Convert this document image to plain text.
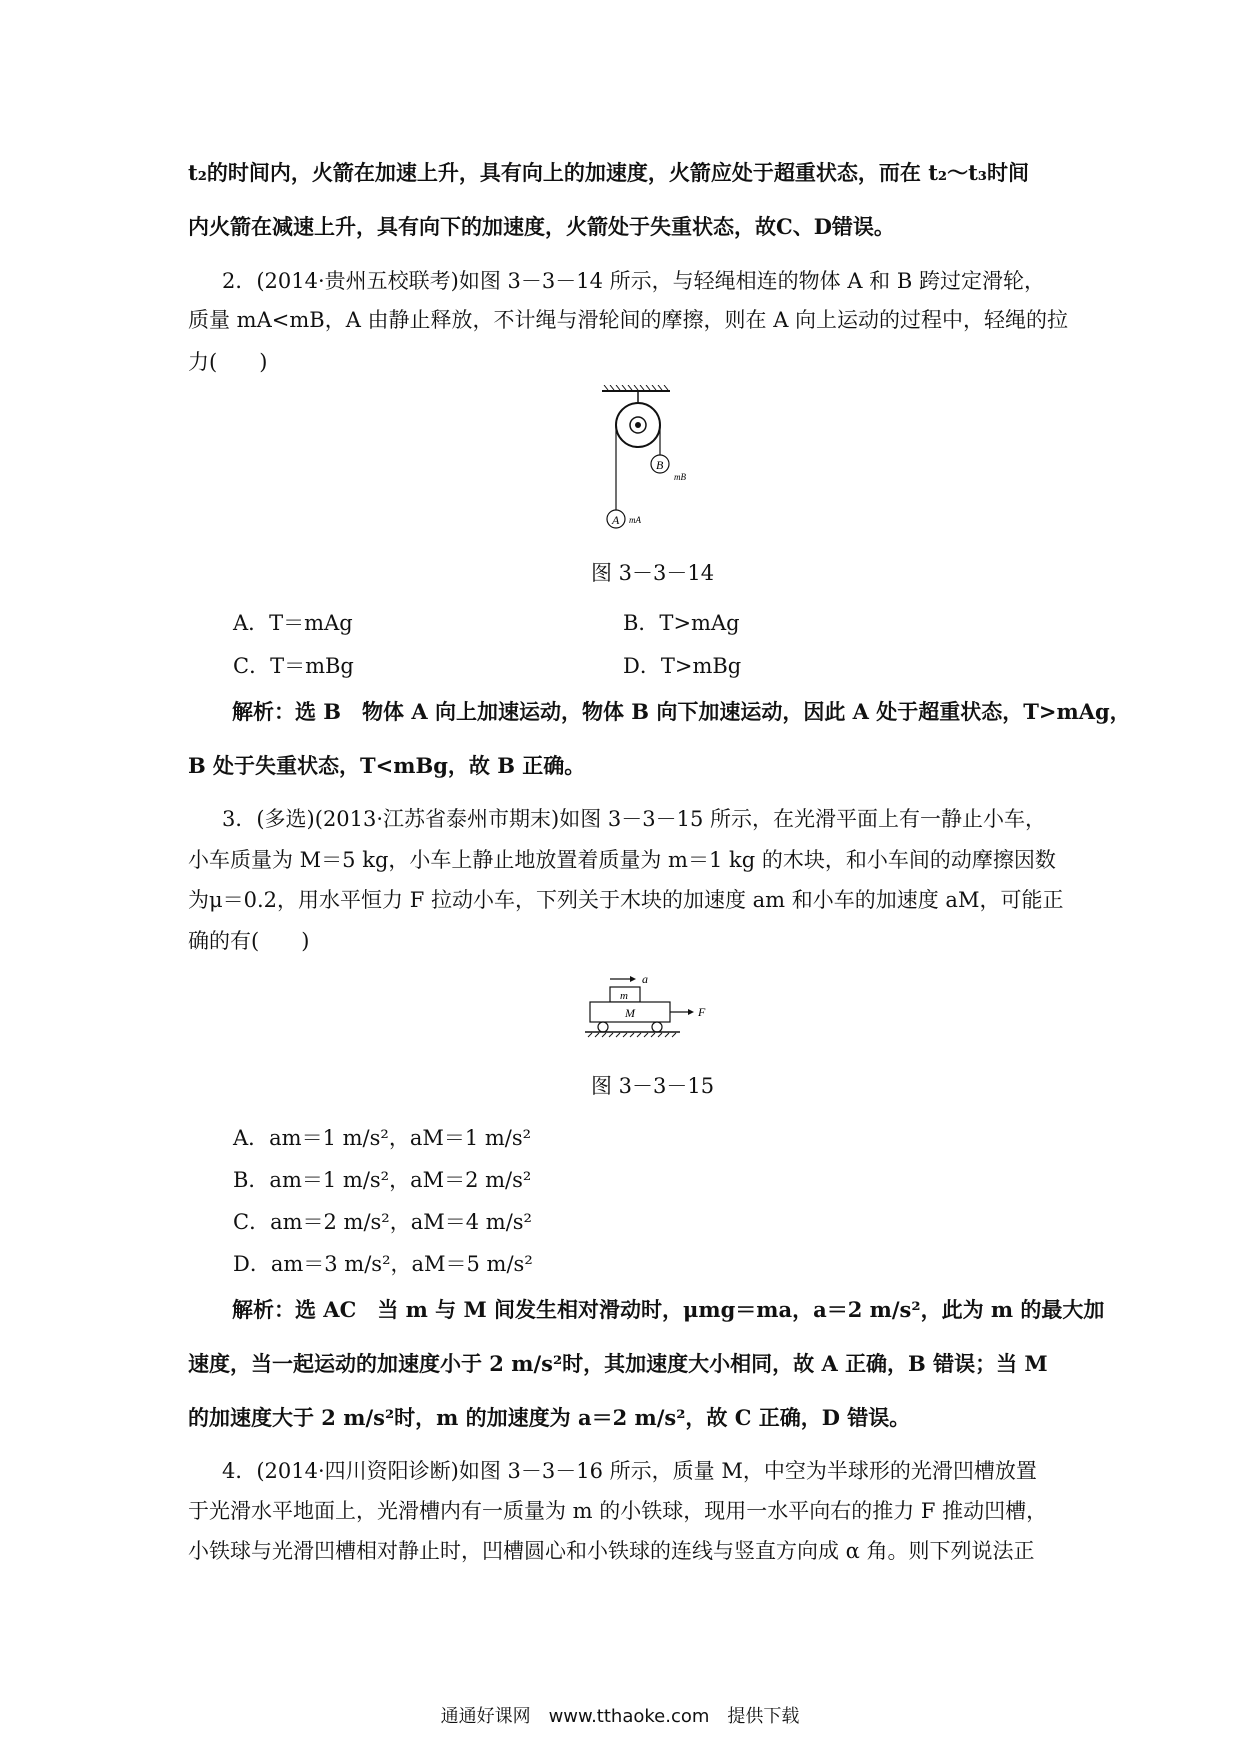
t₂的时间内，火箭在加速上升，具有向上的加速度，火箭应处于超重状态，而在 t₂～t₃时间
内火箭在减速上升，具有向下的加速度，火箭处于失重状态，故C、D错误。
2．(2014·贵州五校联考)如图 3－3－14 所示，与轻绳相连的物体 A 和 B 跨过定滑轮，
质量 mA<mB，A 由静止释放，不计绳与滑轮间的摩擦，则在 A 向上运动的过程中，轻绳的拉
力(　　)
B
mB
A mA
图 3－3－14
A．T＝mAg	B．T>mAg
C．T＝mBg	D．T>mBg
解析：选 B　物体 A 向上加速运动，物体 B 向下加速运动，因此 A 处于超重状态，T>mAg，
B 处于失重状态，T<mBg，故 B 正确。
3．(多选)(2013·江苏省泰州市期末)如图 3－3－15 所示，在光滑平面上有一静止小车，
小车质量为 M＝5 kg，小车上静止地放置着质量为 m＝1 kg 的木块，和小车间的动摩擦因数
为μ＝0.2，用水平恒力 F 拉动小车，下列关于木块的加速度 am 和小车的加速度 aM，可能正
确的有(　　)
a
m
M	F
图 3－3－15
A．am＝1 m/s²，aM＝1 m/s²
B．am＝1 m/s²，aM＝2 m/s²
C．am＝2 m/s²，aM＝4 m/s²
D．am＝3 m/s²，aM＝5 m/s²
解析：选 AC　当 m 与 M 间发生相对滑动时，μmg＝ma，a＝2 m/s²，此为 m 的最大加
速度，当一起运动的加速度小于 2 m/s²时，其加速度大小相同，故 A 正确，B 错误；当 M
的加速度大于 2 m/s²时，m 的加速度为 a＝2 m/s²，故 C 正确，D 错误。
4．(2014·四川资阳诊断)如图 3－3－16 所示，质量 M，中空为半球形的光滑凹槽放置
于光滑水平地面上，光滑槽内有一质量为 m 的小铁球，现用一水平向右的推力 F 推动凹槽，
小铁球与光滑凹槽相对静止时，凹槽圆心和小铁球的连线与竖直方向成 α 角。则下列说法正
通通好课网　www.tthaoke.com　提供下载
